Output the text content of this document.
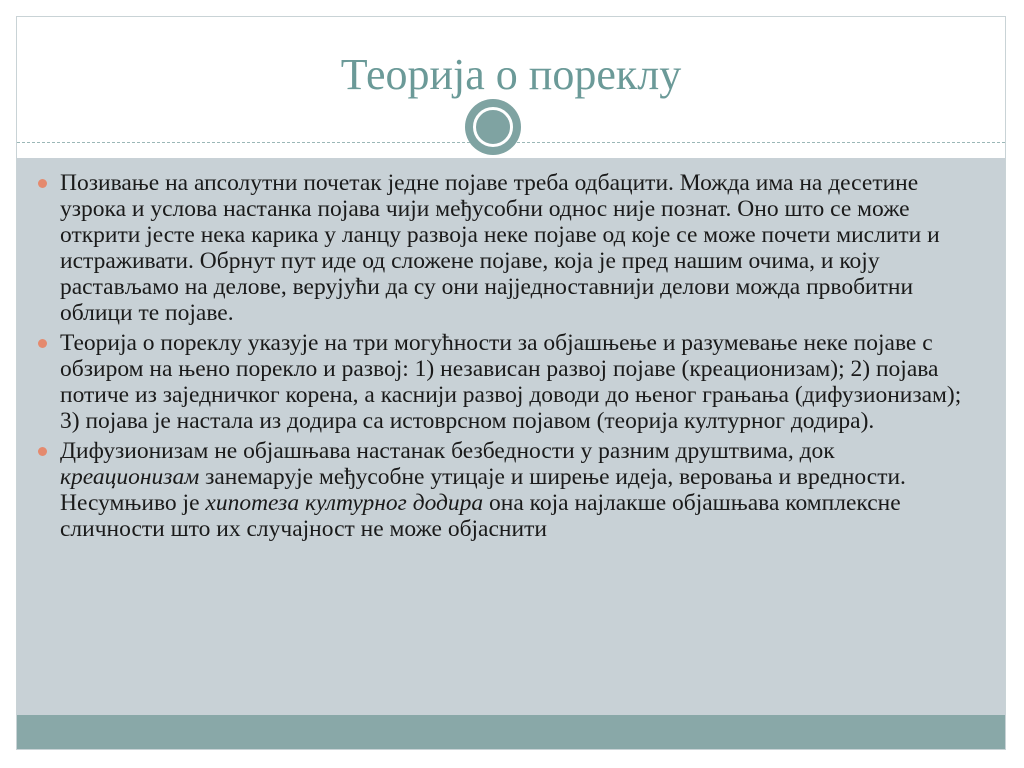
Теорија о пореклу
Позивање на апсолутни почетак једне појаве треба одбацити. Можда има на десетине узрока и услова настанка појава чији међусобни однос није познат. Оно што се може открити јесте нека карика у ланцу развоја неке појаве од које се може почети мислити и истраживати. Обрнут пут иде од сложене појаве, која је пред нашим очима, и коју растављамо на делове, верујући да су они најједноставнији делови можда првобитни облици те појаве.
Теорија о пореклу указује на три могућности за објашњење и разумевање неке појаве с обзиром на њено порекло и развој: 1) независан развој појаве (креационизам); 2) појава потиче из заједничког корена, а каснији развој доводи до њеног грањања (дифузионизам); 3) појава је настала из додира са истоврсном појавом (теорија културног додира).
Дифузионизам не објашњава настанак безбедности у разним друштвима, док креационизам занемарује међусобне утицаје и ширење идеја, веровања и вредности. Несумњиво је хипотеза културног додира она која најлакше објашњава комплексне сличности што их случајност не може објаснити
